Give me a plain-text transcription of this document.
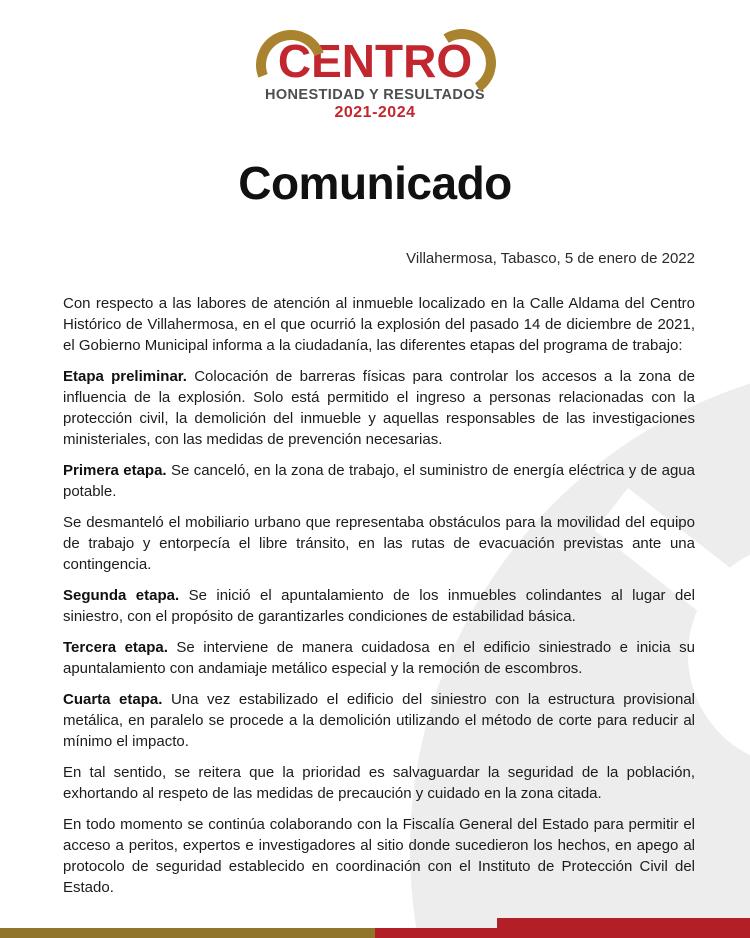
CENTRO
HONESTIDAD Y RESULTADOS
2021-2024
Comunicado
Villahermosa, Tabasco, 5 de enero de 2022

Con respecto a las labores de atención al inmueble localizado en la Calle Aldama del Centro Histórico de Villahermosa, en el que ocurrió la explosión del pasado 14 de diciembre de 2021, el Gobierno Municipal informa a la ciudadanía, las diferentes etapas del programa de trabajo:

Etapa preliminar. Colocación de barreras físicas para controlar los accesos a la zona de influencia de la explosión. Solo está permitido el ingreso a personas relacionadas con la protección civil, la demolición del inmueble y aquellas responsables de las investigaciones ministeriales, con las medidas de prevención necesarias.

Primera etapa. Se canceló, en la zona de trabajo, el suministro de energía eléctrica y de agua potable.

Se desmanteló el mobiliario urbano que representaba obstáculos para la movilidad del equipo de trabajo y entorpecía el libre tránsito, en las rutas de evacuación previstas ante una contingencia.

Segunda etapa. Se inició el apuntalamiento de los inmuebles colindantes al lugar del siniestro, con el propósito de garantizarles condiciones de estabilidad básica.

Tercera etapa. Se interviene de manera cuidadosa en el edificio siniestrado e inicia su apuntalamiento con andamiaje metálico especial y la remoción de escombros.

Cuarta etapa. Una vez estabilizado el edificio del siniestro con la estructura provisional metálica, en paralelo se procede a la demolición utilizando el método de corte para reducir al mínimo el impacto.

En tal sentido, se reitera que la prioridad es salvaguardar la seguridad de la población, exhortando al respeto de las medidas de precaución y cuidado en la zona citada.

En todo momento se continúa colaborando con la Fiscalía General del Estado para permitir el acceso a peritos, expertos e investigadores al sitio donde sucedieron los hechos, en apego al protocolo de seguridad establecido en coordinación con el Instituto de Protección Civil del Estado.
